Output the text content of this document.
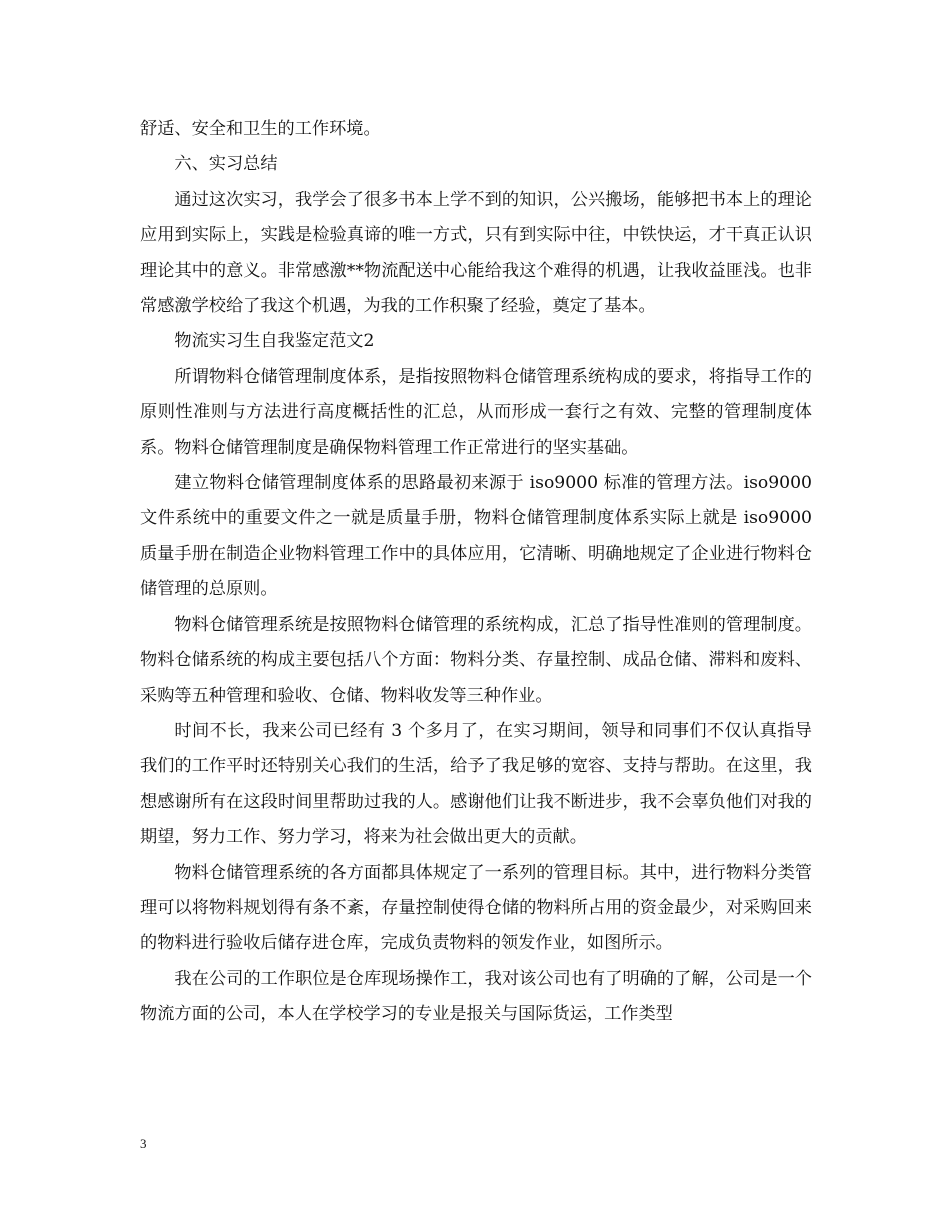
舒适、安全和卫生的工作环境。

六、实习总结

通过这次实习，我学会了很多书本上学不到的知识，公兴搬场，能够把书本上的理论应用到实际上，实践是检验真谛的唯一方式，只有到实际中往，中铁快运，才干真正认识理论其中的意义。非常感激**物流配送中心能给我这个难得的机遇，让我收益匪浅。也非常感激学校给了我这个机遇，为我的工作积聚了经验，奠定了基本。

物流实习生自我鉴定范文2

所谓物料仓储管理制度体系，是指按照物料仓储管理系统构成的要求，将指导工作的原则性准则与方法进行高度概括性的汇总，从而形成一套行之有效、完整的管理制度体系。物料仓储管理制度是确保物料管理工作正常进行的坚实基础。

建立物料仓储管理制度体系的思路最初来源于 iso9000 标准的管理方法。iso9000 文件系统中的重要文件之一就是质量手册，物料仓储管理制度体系实际上就是 iso9000 质量手册在制造企业物料管理工作中的具体应用，它清晰、明确地规定了企业进行物料仓储管理的总原则。

物料仓储管理系统是按照物料仓储管理的系统构成，汇总了指导性准则的管理制度。物料仓储系统的构成主要包括八个方面：物料分类、存量控制、成品仓储、滞料和废料、采购等五种管理和验收、仓储、物料收发等三种作业。

时间不长，我来公司已经有 3 个多月了，在实习期间，领导和同事们不仅认真指导我们的工作平时还特别关心我们的生活，给予了我足够的宽容、支持与帮助。在这里，我想感谢所有在这段时间里帮助过我的人。感谢他们让我不断进步，我不会辜负他们对我的期望，努力工作、努力学习，将来为社会做出更大的贡献。

物料仓储管理系统的各方面都具体规定了一系列的管理目标。其中，进行物料分类管理可以将物料规划得有条不紊，存量控制使得仓储的物料所占用的资金最少，对采购回来的物料进行验收后储存进仓库，完成负责物料的领发作业，如图所示。

我在公司的工作职位是仓库现场操作工，我对该公司也有了明确的了解，公司是一个物流方面的公司，本人在学校学习的专业是报关与国际货运，工作类型

3
